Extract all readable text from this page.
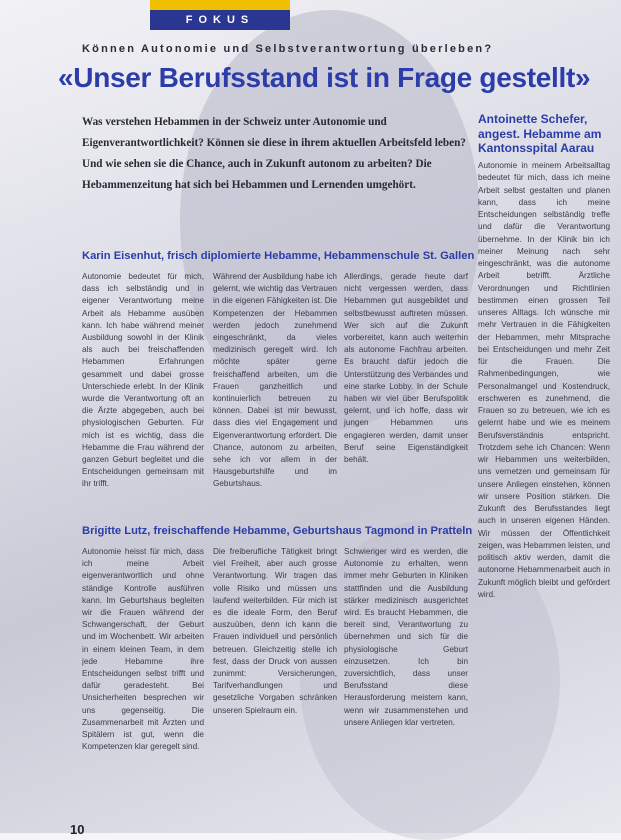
FOKUS
Können Autonomie und Selbstverantwortung überleben?
«Unser Berufsstand ist in Frage gestellt»
Was verstehen Hebammen in der Schweiz unter Autonomie und Eigenverantwortlichkeit? Können sie diese in ihrem aktuellen Arbeitsfeld leben? Und wie sehen sie die Chance, auch in Zukunft autonom zu arbeiten? Die Hebammenzeitung hat sich bei Hebammen und Lernenden umgehört.
Antoinette Schefer,
angest. Hebamme am
Kantonsspital Aarau
Autonomie in meinem Arbeitsalltag bedeutet für mich, dass ich meine Arbeit selbst gestalten und planen kann, dass ich meine Entscheidungen selbständig treffe und dafür die Verantwortung übernehme. In der Klinik bin ich meiner Meinung nach sehr eingeschränkt, was die autonome Arbeit betrifft. Ärztliche Verordnungen und Richtlinien bestimmen einen grossen Teil unseres Alltags. Ich wünsche mir mehr Vertrauen in die Fähigkeiten der Hebammen, mehr Mitsprache bei Entscheidungen und mehr Zeit für die Frauen. Die Rahmenbedingungen, wie Personalmangel und Kostendruck, erschweren es zunehmend, die Frauen so zu betreuen, wie ich es gelernt habe und wie es meinem Berufsverständnis entspricht. Trotzdem sehe ich Chancen: Wenn wir Hebammen uns weiterbilden, uns vernetzen und gemeinsam für unsere Anliegen einstehen, können wir unsere Position stärken. Die Zukunft des Berufsstandes liegt auch in unseren eigenen Händen. Wir müssen der Öffentlichkeit zeigen, was Hebammen leisten, und politisch aktiv werden, damit die autonome Hebammenarbeit auch in Zukunft möglich bleibt und gefördert wird.
Karin Eisenhut, frisch diplomierte Hebamme, Hebammenschule St. Gallen
Autonomie bedeutet für mich, dass ich selbständig und in eigener Verantwortung meine Arbeit als Hebamme ausüben kann. Ich habe während meiner Ausbildung sowohl in der Klinik als auch bei freischaffenden Hebammen Erfahrungen gesammelt und dabei grosse Unterschiede erlebt. In der Klinik wurde die Verantwortung oft an die Ärzte abgegeben, auch bei physiologischen Geburten. Für mich ist es wichtig, dass die Hebamme die Frau während der ganzen Geburt begleitet und die Entscheidungen gemeinsam mit ihr trifft.
Während der Ausbildung habe ich gelernt, wie wichtig das Vertrauen in die eigenen Fähigkeiten ist. Die Kompetenzen der Hebammen werden jedoch zunehmend eingeschränkt, da vieles medizinisch geregelt wird. Ich möchte später gerne freischaffend arbeiten, um die Frauen ganzheitlich und kontinuierlich betreuen zu können. Dabei ist mir bewusst, dass dies viel Engagement und Eigenverantwortung erfordert. Die Chance, autonom zu arbeiten, sehe ich vor allem in der Hausgeburtshilfe und im Geburtshaus.
Allerdings, gerade heute darf nicht vergessen werden, dass Hebammen gut ausgebildet und selbstbewusst auftreten müssen. Wer sich auf die Zukunft vorbereitet, kann auch weiterhin als autonome Fachfrau arbeiten. Es braucht dafür jedoch die Unterstützung des Verbandes und eine starke Lobby. In der Schule haben wir viel über Berufspolitik gelernt, und ich hoffe, dass wir jungen Hebammen uns engagieren werden, damit unser Beruf seine Eigenständigkeit behält.
Brigitte Lutz, freischaffende Hebamme, Geburtshaus Tagmond in Pratteln
Autonomie heisst für mich, dass ich meine Arbeit eigenverantwortlich und ohne ständige Kontrolle ausführen kann. Im Geburtshaus begleiten wir die Frauen während der Schwangerschaft, der Geburt und im Wochenbett. Wir arbeiten in einem kleinen Team, in dem jede Hebamme ihre Entscheidungen selbst trifft und dafür geradesteht. Bei Unsicherheiten besprechen wir uns gegenseitig. Die Zusammenarbeit mit Ärzten und Spitälern ist gut, wenn die Kompetenzen klar geregelt sind.
Die freiberufliche Tätigkeit bringt viel Freiheit, aber auch grosse Verantwortung. Wir tragen das volle Risiko und müssen uns laufend weiterbilden. Für mich ist es die ideale Form, den Beruf auszuüben, denn ich kann die Frauen individuell und persönlich betreuen. Gleichzeitig stelle ich fest, dass der Druck von aussen zunimmt: Versicherungen, Tarifverhandlungen und gesetzliche Vorgaben schränken unseren Spielraum ein.
Schwieriger wird es werden, die Autonomie zu erhalten, wenn immer mehr Geburten in Kliniken stattfinden und die Ausbildung stärker medizinisch ausgerichtet wird. Es braucht Hebammen, die bereit sind, Verantwortung zu übernehmen und sich für die physiologische Geburt einzusetzen. Ich bin zuversichtlich, dass unser Berufsstand diese Herausforderung meistern kann, wenn wir zusammenstehen und unsere Anliegen klar vertreten.
10
